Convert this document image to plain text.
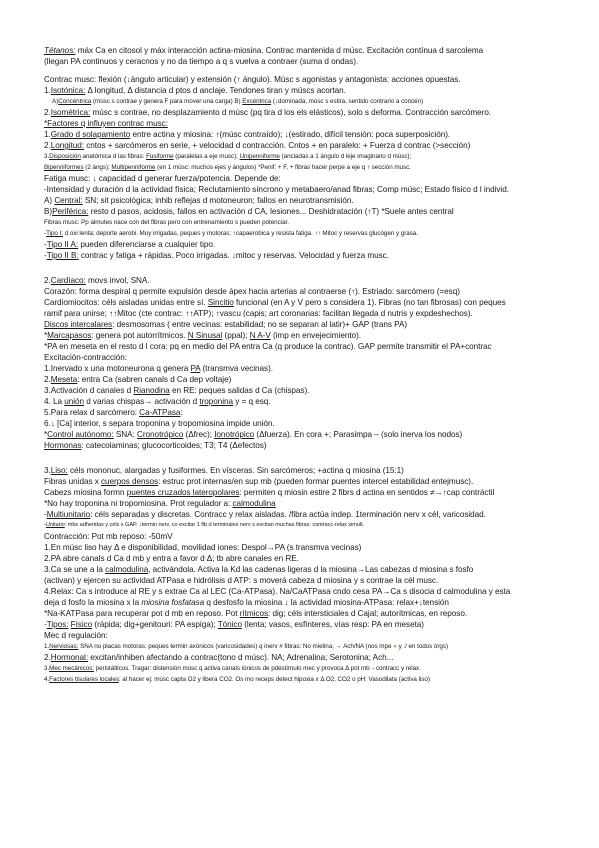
Tétanos: máx Ca en citosol y máx interacción actina-miosina. Contrac mantenida d músc. Excitación contínua d sarcolema

(llegan PA continuos y ceracnos y no da tiempo a q s vuelva a contraer (suma d ondas).

Contrac musc: flexión (↓ángulo articular) y extensión (↑ ángulo). Músc s agonistas y antagonista: acciones opuestas.

1.Isotónica: Δ longitud, Δ distancia d ptos d anclaje. Tendones tiran y múscs acortan.

A)Concéntrica (músc s contrae y genera F para mover una carga) B) Excéntrica (↓dominada, músc s estira, sentido contrario a concén)

2.Isométrica: músc s contrae, no desplazamiento d músc (pq tira d los els elásticos), solo s deforma. Contracción sarcómero.

*Factores q influyen contrac musc:

1.Grado d solapamiento entre actina y miosina: ↑(músc contraído); ↓(estirado, difícil tensión: poca superposición).

2.Longitud: cntos + sarcómeros en serie, + velocidad d contracción. Cntos + en paralelo: + Fuerza d contrac (>sección)

3.Disposición anatómica d las fibras: Fusiforme (paralelas a eje musc); Unipenniforme (ancladas a 1 ángulo d leje imaginario d músc);

Bipenniformes (2 ángs); Multipenniforme (en 1 músc: muchos ejes y ángulos) *Penif: + F, + fibras hacer perpe a eje q ↑ sección musc.

Fatiga musc: ↓ capacidad d generar fuerza/potencia. Depende de:

-Intensidad y duración d la actividad física; Reclutamiento síncrono y metabaero/anad fibras; Comp músc; Estado físico d l individ.

A) Central: SN; sit psicológica; inhib reflejas d motoneuron; fallos en neurotransmisión.

B)Periférica: resto d pasos, acidosis, fallos en activación d CA, lesiones... Deshidratación (↑T) *Suele antes central

Fibras musc: Pp almutes nace con det fibras pero con entrenamiento s pueden potenciar.

-Tipo I: d oxi lenta; deporte aerobi. Muy irrigadas, peques y motoras; ↑capaerobica y resista fatiga. ↑↑ Mitoc y reservas glucógen y grasa.

-Tipo II A: pueden diferenciarse a cualquier tipo.

-Tipo II B: contrac y fatiga + rápidas. Poco irrigadas. ↓mitoc y reservas. Velocidad y fuerza musc.

2.Cardíaco: movs invol, SNA.

Corazón: forma despiral q permite expulsión desde ápex hacia arterias al contraerse (↑). Estriado: sarcómero (=esq)

Cardiomiocitos: céls aisladas unidas entre sí. Sincitio funcional (en A y V pero s considera 1). Fibras (no tan fibrosas) con peques

ramif para unirse; ↑↑Mitoc (cte contrac: ↑↑ATP); ↑vascu (capis; art coronarias: facilitan llegada d nutris y expdeshechos).

Discos intercalares: desmosomas ( entre vecinas: estabilidad; no se separan al latir)+ GAP (trans PA)

*Marcapasos: genera pot autorrítmicos. N Sinusal (ppal); N A-V (imp en envejecimiento).

*PA en meseta en el resto d l cora: pq en medio del PA entra Ca (q produce la contrac). GAP permite transmitir el PA+contrac

Excitación-contracción:

1.Inervado x una motoneurona q genera PA (transmva vecinas).

2.Meseta: entra Ca (sabren canals d Ca dep voltaje)

3.Activación d canales d Rianodina en RE: peques salidas d Ca (chispas).

4. La unión d varias chispas→ activación d troponina y = q esq.

5.Para relax d sarcómero: Ca-ATPasa:

6.↓ [Ca] interior, s separa troponina y tropomiosina impide unión.

*Control autónomo: SNA: Cronotrópico (Δfrec); Ionotrópico (Δfuerza). En cora +; Parasimpa – (solo inerva los nodos)

Hormonas: catecolaminas; glucocorticoides; T3; T4 (Δefectos)

3.Liso: céls mononuc, alargadas y fusiformes. En vísceras. Sin sarcómeros; +actina q miosina (15:1)

Fibras unidas x cuerpos densos: estruc prot internas/en sup mb (pueden formar puentes intercel estabilidad entejmusc).

Cabezs miosina formn puentes cruzados lateropolares: permiten q miosin estire 2 fibrs d actina en sentidos ≠→↑cap contráctil

*No hay troponina ni tropomiosina. Prot regulador a: calmodulina

-Multiunitario: céls separadas y discretas. Contracc y relax aisladas. /fibra actúa indep. 1terminación nerv x cél, varicosidad.

-Unitario: mbs adheridas y céls x GAP. ↓termin nerv, co excitar 1 fib d terminales nerv s excitan muchas fibras: contracc-relax simult.

Contracción: Pot mb reposo: -50mV

1.En músc liso hay Δ e disponibilidad, movilidad iones: Despol→PA (s transmva vecinas)

2.PA abre canals d Ca d mb y entra a favor d Δ; tb abre canales en RE.

3.Ca se une a la calmodulina, activándola. Activa la Kd las cadenas ligeras d la miosina→Las cabezas d miosina s fosfo

(activan) y ejercen su actividad ATPasa e hidrólisis d ATP: s moverá cabeza d miosina y s contrae la cél musc.

4.Relax: Ca s introduce al RE y s extrae Ca al LEC (Ca-ATPasa). Na/CaATPasa cndo cesa PA→Ca s disocia d calmodulina y esta

deja d fosfo la miosina x la miosina fosfatasa q desfosfo la miosina ↓ la actividad miosina-ATPasa: relax+↓tensión

*Na-KATPasa para recuperar pot d mb en reposo. Pot rítmicos: dig; céls intersticiales d Cajal; autorítmicas, en reposo.

-Tipos: Físico (rápida; dig+genitouri: PA espiga); Tónico (lenta; vasos, esfínteres, vías resp: PA en meseta)

Mec d regulación:

1.Nerviosas: SNA no placas motoras: peques termin axónicos (varicosidades) q inerv # fibras: No mielina; → Ach/NA (nos mpe ● y :/ en todos órgs)

2.Hormonal: excitan/inhiben afectando a contrac(tono d músc). NA; Adrenalina; Serotonina; Ach...

3.Mec mecánicos: peristálticos. Tragar: distensión músc q activa canals iónicos de pdestirnulo mec y provoca Δ pot mb→contracc y relax.

4.Factores tisulares locales: al hacer ej: músc capta O2 y libera CO2. Os mo receps detect hipoxia x Δ O2, CO2 o pH: Vasodilata (activa liso)
